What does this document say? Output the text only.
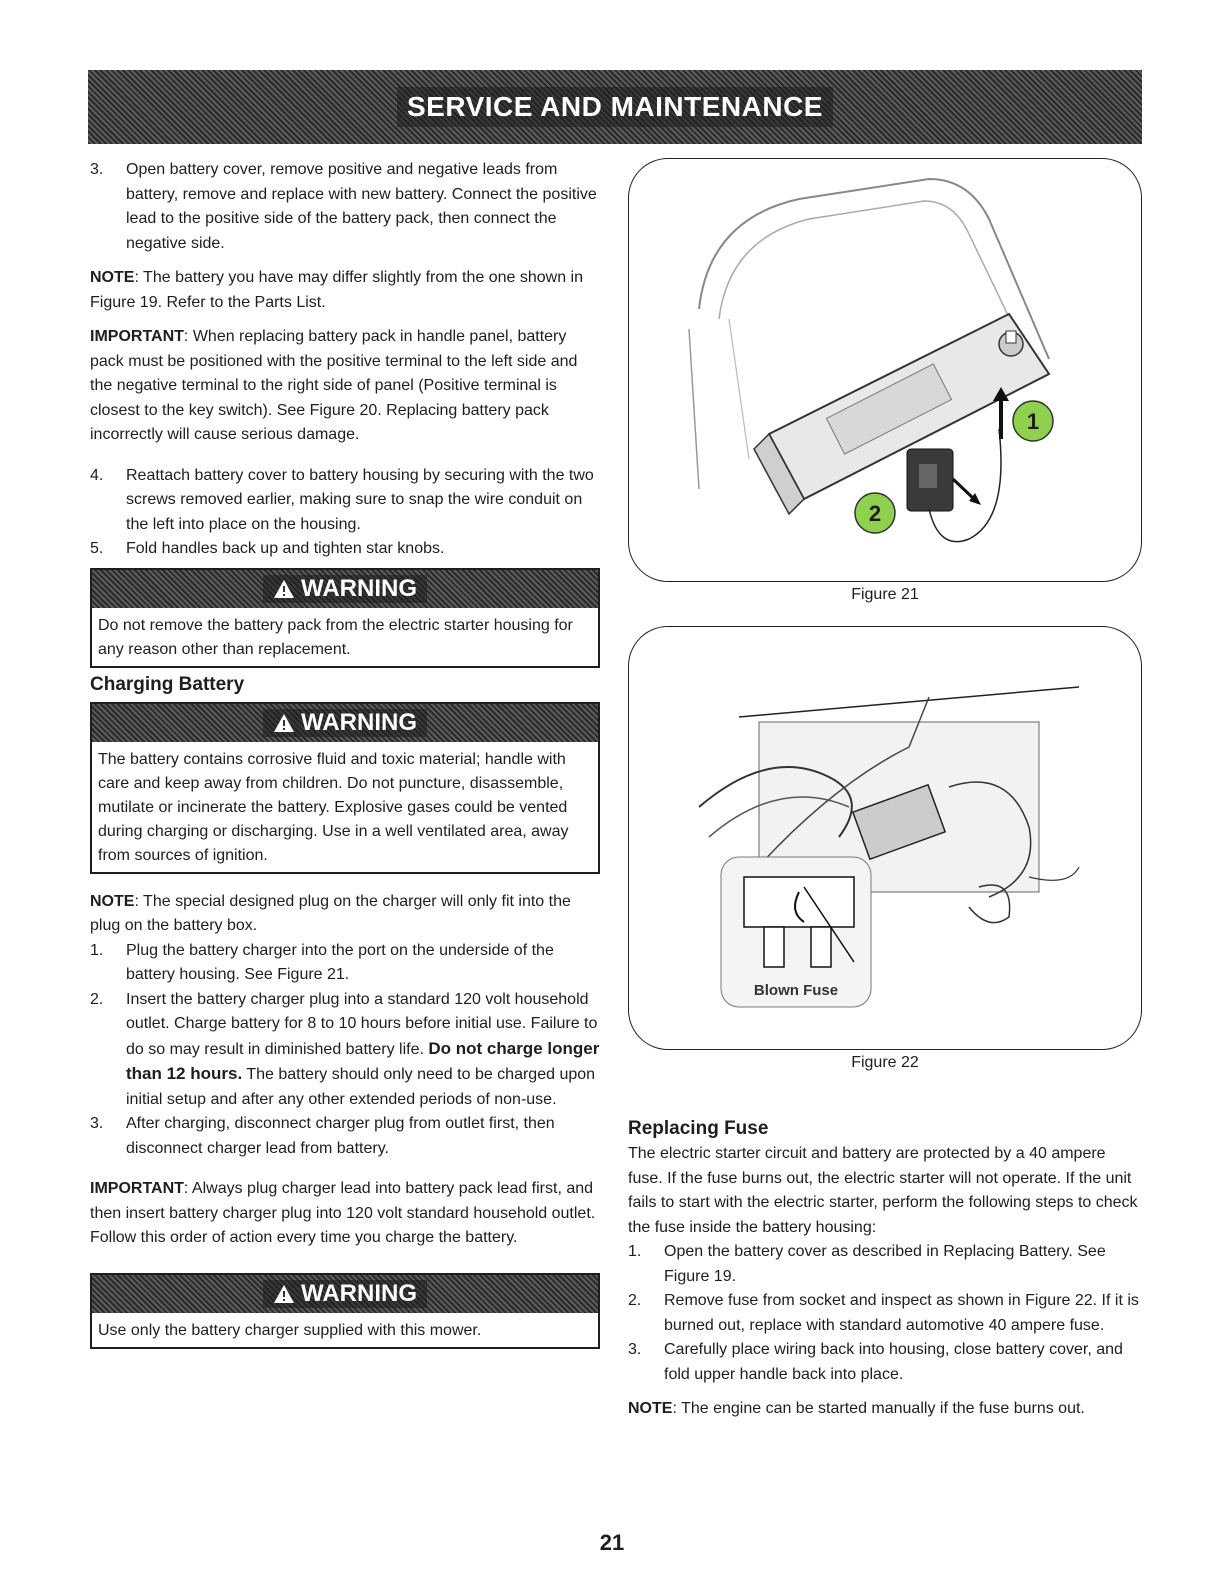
SERVICE AND MAINTENANCE

3. Open battery cover, remove positive and negative leads from battery, remove and replace with new battery. Connect the positive lead to the positive side of the battery pack, then connect the negative side.

NOTE: The battery you have may differ slightly from the one shown in Figure 19. Refer to the Parts List.

IMPORTANT: When replacing battery pack in handle panel, battery pack must be positioned with the positive terminal to the left side and the negative terminal to the right side of panel (Positive terminal is closest to the key switch). See Figure 20. Replacing battery pack incorrectly will cause serious damage.

4. Reattach battery cover to battery housing by securing with the two screws removed earlier, making sure to snap the wire conduit on the left into place on the housing.

5. Fold handles back up and tighten star knobs.

WARNING
Do not remove the battery pack from the electric starter housing for any reason other than replacement.
Charging Battery
WARNING
The battery contains corrosive fluid and toxic material; handle with care and keep away from children. Do not puncture, disassemble, mutilate or incinerate the battery. Explosive gases could be vented during charging or discharging. Use in a well ventilated area, away from sources of ignition.

NOTE: The special designed plug on the charger will only fit into the plug on the battery box.

1. Plug the battery charger into the port on the underside of the battery housing. See Figure 21.

2. Insert the battery charger plug into a standard 120 volt household outlet. Charge battery for 8 to 10 hours before initial use. Failure to do so may result in diminished battery life. Do not charge longer than 12 hours. The battery should only need to be charged upon initial setup and after any other extended periods of non-use.

3. After charging, disconnect charger plug from outlet first, then disconnect charger lead from battery.

IMPORTANT: Always plug charger lead into battery pack lead first, and then insert battery charger plug into 120 volt standard household outlet. Follow this order of action every time you charge the battery.

WARNING
Use only the battery charger supplied with this mower.
1
2
Figure 21
Blown Fuse
Figure 22
Replacing Fuse

The electric starter circuit and battery are protected by a 40 ampere fuse. If the fuse burns out, the electric starter will not operate. If the unit fails to start with the electric starter, perform the following steps to check the fuse inside the battery housing:

1. Open the battery cover as described in Replacing Battery. See Figure 19.

2. Remove fuse from socket and inspect as shown in Figure 22. If it is burned out, replace with standard automotive 40 ampere fuse.

3. Carefully place wiring back into housing, close battery cover, and fold upper handle back into place.

NOTE: The engine can be started manually if the fuse burns out.

21
